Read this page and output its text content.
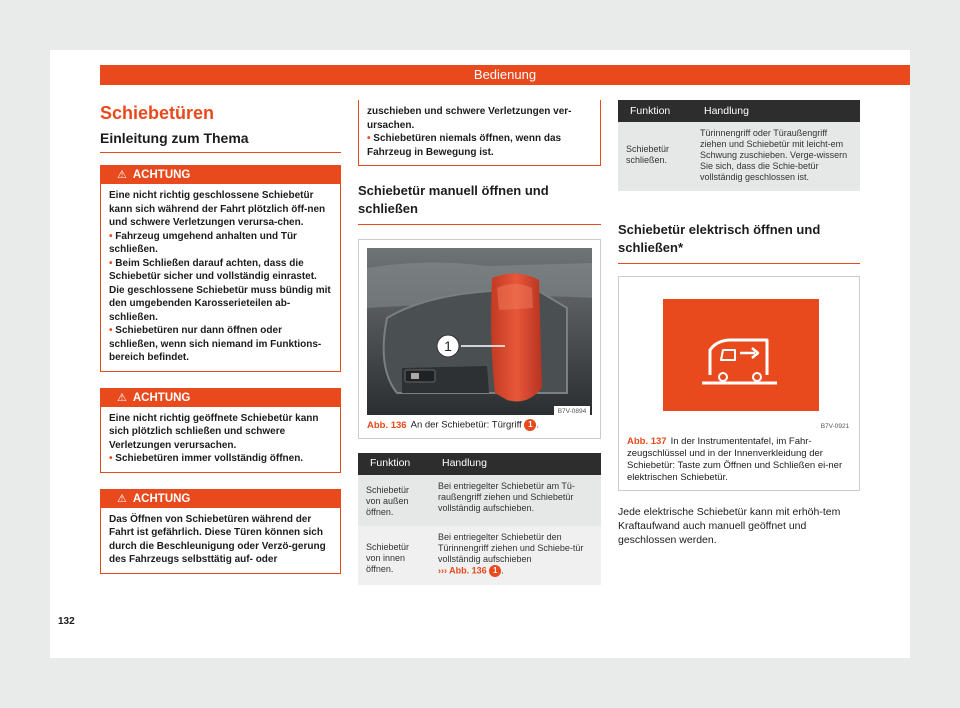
Bedienung
Schiebetüren
Einleitung zum Thema
⚠ ACHTUNG

Eine nicht richtig geschlossene Schiebetür kann sich während der Fahrt plötzlich öff-nen und schwere Verletzungen verursa-chen.

• Fahrzeug umgehend anhalten und Tür schließen.

• Beim Schließen darauf achten, dass die Schiebetür sicher und vollständig einrastet. Die geschlossene Schiebetür muss bündig mit den umgebenden Karosserieteilen ab-schließen.

• Schiebetüren nur dann öffnen oder schließen, wenn sich niemand im Funktions-bereich befindet.

⚠ ACHTUNG

Eine nicht richtig geöffnete Schiebetür kann sich plötzlich schließen und schwere Verletzungen verursachen.

• Schiebetüren immer vollständig öffnen.

⚠ ACHTUNG

Das Öffnen von Schiebetüren während der Fahrt ist gefährlich. Diese Türen können sich durch die Beschleunigung oder Verzö-gerung des Fahrzeugs selbsttätig auf- oder

zuschieben und schwere Verletzungen ver-ursachen.

• Schiebetüren niemals öffnen, wenn das Fahrzeug in Bewegung ist.

Schiebetür manuell öffnen und schließen
1
B7V-0894
Abb. 136 An der Schiebetür: Türgriff 1 .
Funktion	Handlung
Schiebetür von außen öffnen.	Bei entriegelter Schiebetür am Tü-raußengriff ziehen und Schiebetür vollständig aufschieben.
Schiebetür von innen öffnen.	Bei entriegelter Schiebetür den Türinnengriff ziehen und Schiebe-tür vollständig aufschieben
››› Abb. 136 1 .
Funktion	Handlung
Schiebetür schließen.	Türinnengriff oder Türaußengriff ziehen und Schiebetür mit leicht-em Schwung zuschieben. Verge-wissern Sie sich, dass die Schie-betür vollständig geschlossen ist.
Schiebetür elektrisch öffnen und schließen*
B7V-0921
Abb. 137 In der Instrumententafel, im Fahr-zeugschlüssel und in der Innenverkleidung der Schiebetür: Taste zum Öffnen und Schließen ei-ner elektrischen Schiebetür.

Jede elektrische Schiebetür kann mit erhöh-tem Kraftaufwand auch manuell geöffnet und geschlossen werden.

132
